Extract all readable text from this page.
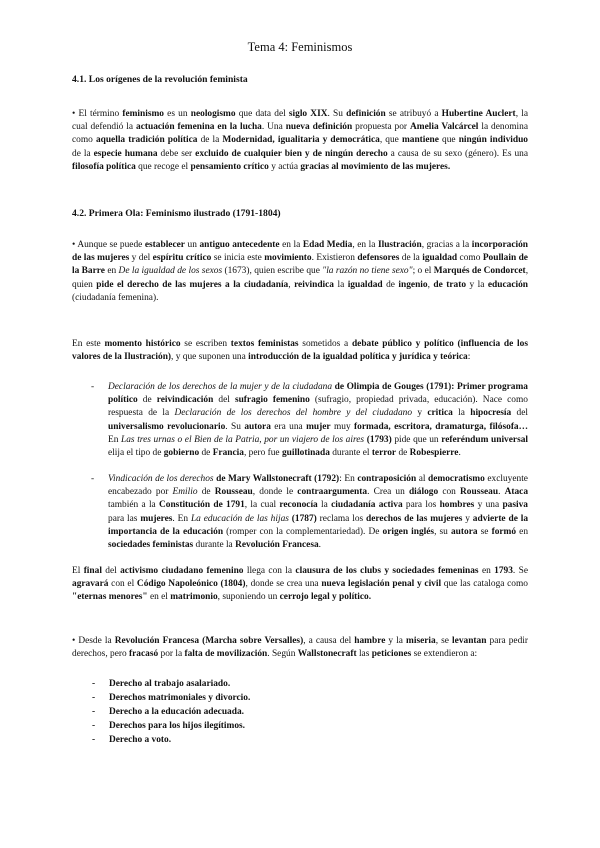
Tema 4: Feminismos
4.1. Los orígenes de la revolución feminista

• El término feminismo es un neologismo que data del siglo XIX. Su definición se atribuyó a Hubertine Auclert, la cual defendió la actuación femenina en la lucha. Una nueva definición propuesta por Amelia Valcárcel la denomina como aquella tradición política de la Modernidad, igualitaria y democrática, que mantiene que ningún individuo de la especie humana debe ser excluido de cualquier bien y de ningún derecho a causa de su sexo (género). Es una filosofía política que recoge el pensamiento crítico y actúa gracias al movimiento de las mujeres.

4.2. Primera Ola: Feminismo ilustrado (1791-1804)

• Aunque se puede establecer un antiguo antecedente en la Edad Media, en la Ilustración, gracias a la incorporación de las mujeres y del espíritu crítico se inicia este movimiento. Existieron defensores de la igualdad como Poullain de la Barre en De la igualdad de los sexos (1673), quien escribe que "la razón no tiene sexo"; o el Marqués de Condorcet, quien pide el derecho de las mujeres a la ciudadanía, reivindica la igualdad de ingenio, de trato y la educación (ciudadanía femenina).

En este momento histórico se escriben textos feministas sometidos a debate público y político (influencia de los valores de la Ilustración), y que suponen una introducción de la igualdad política y jurídica y teórica:

- Declaración de los derechos de la mujer y de la ciudadana de Olimpia de Gouges (1791): Primer programa político de reivindicación del sufragio femenino (sufragio, propiedad privada, educación). Nace como respuesta de la Declaración de los derechos del hombre y del ciudadano y critica la hipocresía del universalismo revolucionario. Su autora era una mujer muy formada, escritora, dramaturga, filósofa… En Las tres urnas o el Bien de la Patria, por un viajero de los aires (1793) pide que un referéndum universal elija el tipo de gobierno de Francia, pero fue guillotinada durante el terror de Robespierre.

- Vindicación de los derechos de Mary Wallstonecraft (1792): En contraposición al democratismo excluyente encabezado por Emilio de Rousseau, donde le contraargumenta. Crea un diálogo con Rousseau. Ataca también a la Constitución de 1791, la cual reconocía la ciudadanía activa para los hombres y una pasiva para las mujeres. En La educación de las hijas (1787) reclama los derechos de las mujeres y advierte de la importancia de la educación (romper con la complementariedad). De origen inglés, su autora se formó en sociedades feministas durante la Revolución Francesa.

El final del activismo ciudadano femenino llega con la clausura de los clubs y sociedades femeninas en 1793. Se agravará con el Código Napoleónico (1804), donde se crea una nueva legislación penal y civil que las cataloga como "eternas menores" en el matrimonio, suponiendo un cerrojo legal y político.

• Desde la Revolución Francesa (Marcha sobre Versalles), a causa del hambre y la miseria, se levantan para pedir derechos, pero fracasó por la falta de movilización. Según Wallstonecraft las peticiones se extendieron a:

- Derecho al trabajo asalariado.
- Derechos matrimoniales y divorcio.
- Derecho a la educación adecuada.
- Derechos para los hijos ilegítimos.
- Derecho a voto.
